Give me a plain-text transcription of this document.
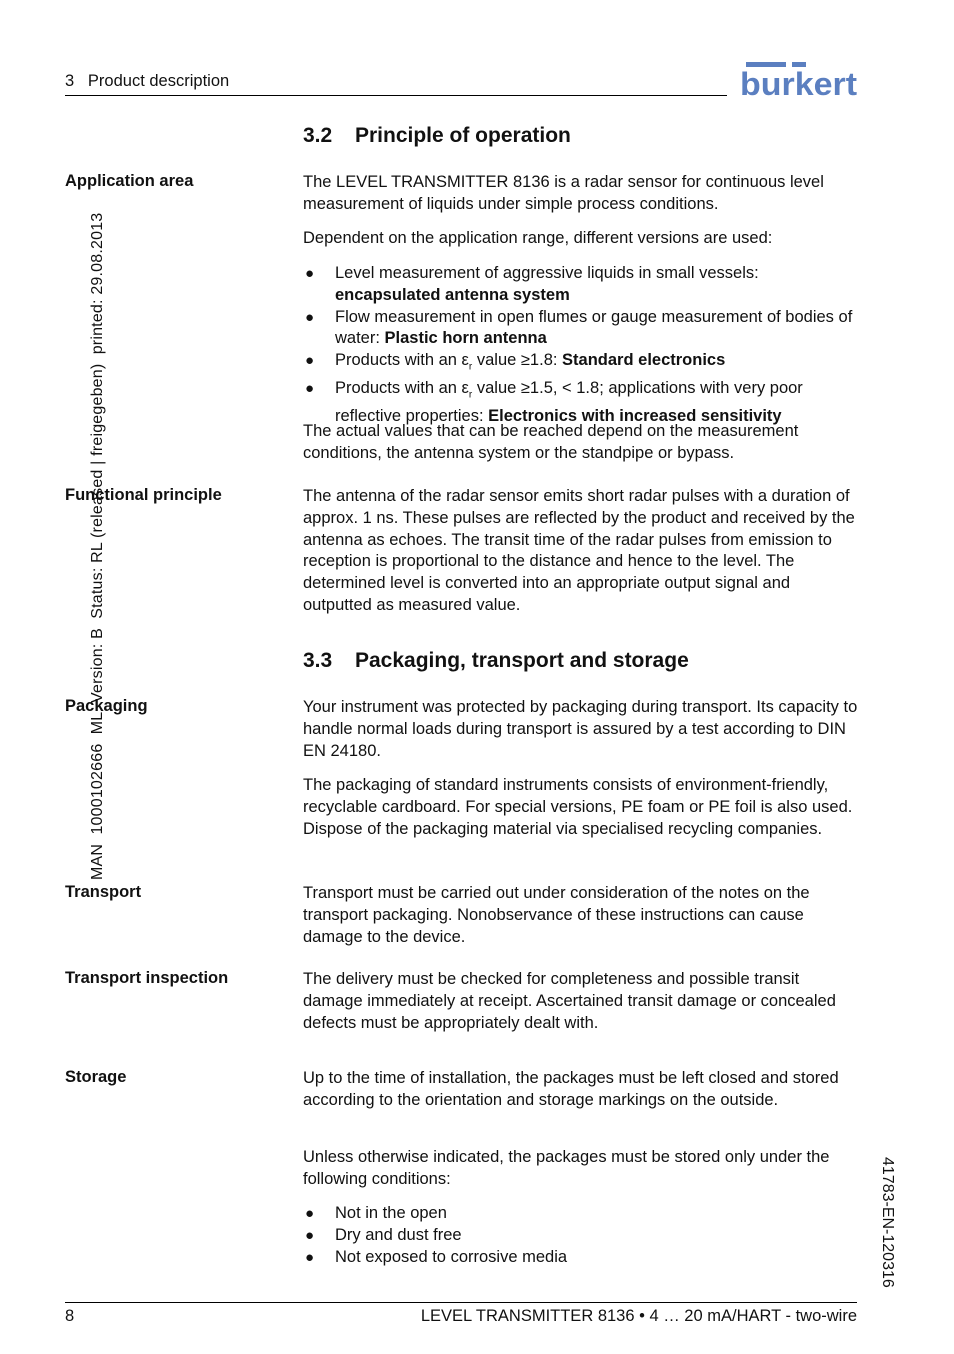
3   Product description	burkert
MAN  1000102666  ML  Version: B  Status: RL (released | freigegeben)  printed: 29.08.2013
41783-EN-120316
3.2 Principle of operation
Application area	The LEVEL TRANSMITTER 8136 is a radar sensor for continuous level measurement of liquids under simple process conditions.

Dependent on the application range, different versions are used:

● Level measurement of aggressive liquids in small vessels: encapsulated antenna system
● Flow measurement in open flumes or gauge measurement of bodies of water: Plastic horn antenna
● Products with an $\varepsilon_r$ value ≥1.8: Standard electronics
● Products with an $\varepsilon_r$ value ≥1.5, < 1.8; applications with very poor reflective properties: Electronics with increased sensitivity

The actual values that can be reached depend on the measurement conditions, the antenna system or the standpipe or bypass.

Functional principle	The antenna of the radar sensor emits short radar pulses with a duration of approx. 1 ns. These pulses are reflected by the product and received by the antenna as echoes. The transit time of the radar pulses from emission to reception is proportional to the distance and hence to the level. The determined level is converted into an appropriate output signal and outputted as measured value.

3.3 Packaging, transport and storage
Packaging	Your instrument was protected by packaging during transport. Its capacity to handle normal loads during transport is assured by a test according to DIN EN 24180.

The packaging of standard instruments consists of environment-friendly, recyclable cardboard. For special versions, PE foam or PE foil is also used. Dispose of the packaging material via specialised recycling companies.

Transport	Transport must be carried out under consideration of the notes on the transport packaging. Nonobservance of these instructions can cause damage to the device.

Transport inspection	The delivery must be checked for completeness and possible transit damage immediately at receipt. Ascertained transit damage or concealed defects must be appropriately dealt with.

Storage	Up to the time of installation, the packages must be left closed and stored according to the orientation and storage markings on the outside.

Unless otherwise indicated, the packages must be stored only under the following conditions:

● Not in the open
● Dry and dust free
● Not exposed to corrosive media
8	LEVEL TRANSMITTER 8136 • 4 … 20 mA/HART - two-wire
